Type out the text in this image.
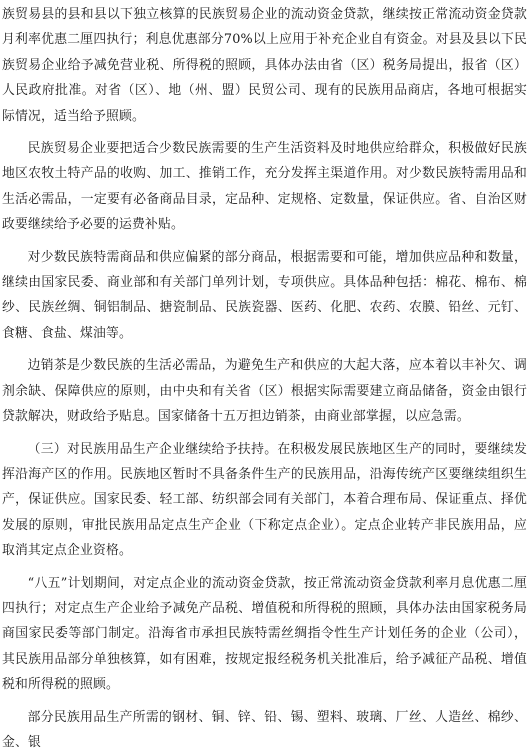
族贸易县的县和县以下独立核算的民族贸易企业的流动资金贷款，继续按正常流动资金贷款月利率优惠二厘四执行；利息优惠部分70%以上应用于补充企业自有资金。对县及县以下民族贸易企业给予减免营业税、所得税的照顾，具体办法由省（区）税务局提出，报省（区）人民政府批准。对省（区）、地（州、盟）民贸公司、现有的民族用品商店，各地可根据实际情况，适当给予照顾。

民族贸易企业要把适合少数民族需要的生产生活资料及时地供应给群众，积极做好民族地区农牧土特产品的收购、加工、推销工作，充分发挥主渠道作用。对少数民族特需用品和生活必需品，一定要有必备商品目录，定品种、定规格、定数量，保证供应。省、自治区财政要继续给予必要的运费补贴。

对少数民族特需商品和供应偏紧的部分商品，根据需要和可能，增加供应品种和数量，继续由国家民委、商业部和有关部门单列计划，专项供应。具体品种包括：棉花、棉布、棉纱、民族丝绸、铜铝制品、搪瓷制品、民族瓷器、医药、化肥、农药、农膜、铅丝、元钉、食糖、食盐、煤油等。

边销茶是少数民族的生活必需品，为避免生产和供应的大起大落，应本着以丰补欠、调剂余缺、保障供应的原则，由中央和有关省（区）根据实际需要建立商品储备，资金由银行贷款解决，财政给予贴息。国家储备十五万担边销茶，由商业部掌握，以应急需。

（三）对民族用品生产企业继续给予扶持。在积极发展民族地区生产的同时，要继续发挥沿海产区的作用。民族地区暂时不具备条件生产的民族用品，沿海传统产区要继续组织生产，保证供应。国家民委、轻工部、纺织部会同有关部门，本着合理布局、保证重点、择优发展的原则，审批民族用品定点生产企业（下称定点企业）。定点企业转产非民族用品，应取消其定点企业资格。

“八五”计划期间，对定点企业的流动资金贷款，按正常流动资金贷款利率月息优惠二厘四执行；对定点生产企业给予减免产品税、增值税和所得税的照顾，具体办法由国家税务局商国家民委等部门制定。沿海省市承担民族特需丝绸指令性生产计划任务的企业（公司），其民族用品部分单独核算，如有困难，按规定报经税务机关批准后，给予减征产品税、增值税和所得税的照顾。

部分民族用品生产所需的钢材、铜、锌、铅、锡、塑料、玻璃、厂丝、人造丝、棉纱、金、银
